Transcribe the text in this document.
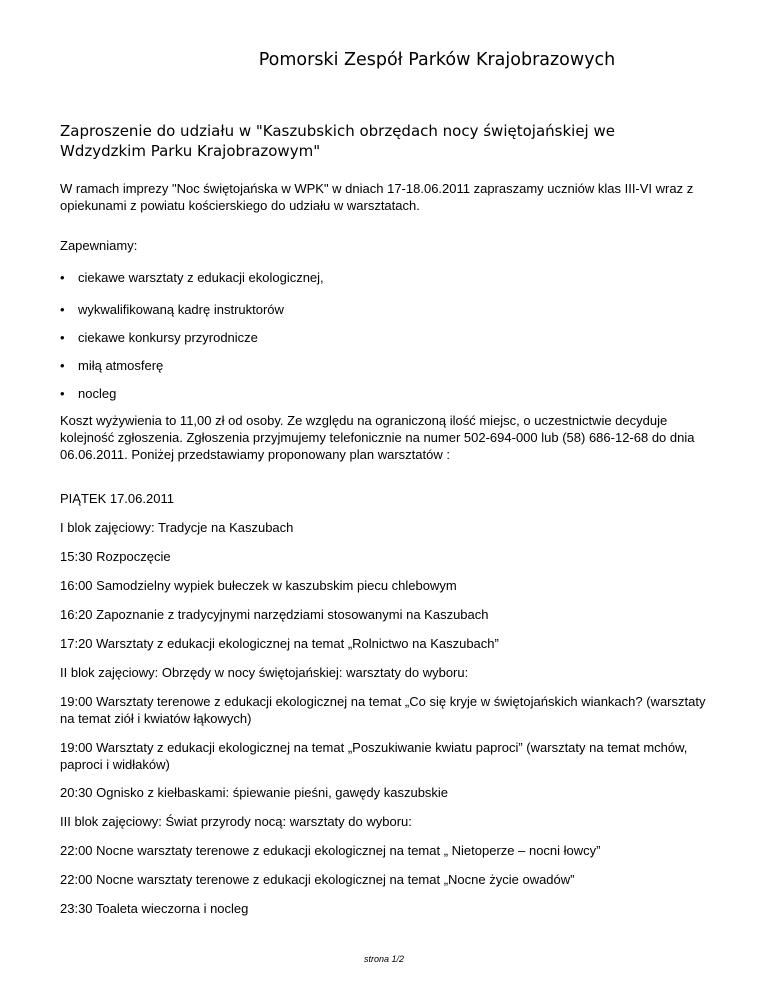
Pomorski Zespół Parków Krajobrazowych
Zaproszenie do udziału w "Kaszubskich obrzędach nocy świętojańskiej we Wdzydzkim Parku Krajobrazowym"

W ramach imprezy "Noc świętojańska w WPK" w dniach 17-18.06.2011 zapraszamy uczniów klas III-VI wraz z opiekunami z powiatu kościerskiego do udziału w warsztatach.

Zapewniamy:

• ciekawe warsztaty z edukacji ekologicznej,
• wykwalifikowaną kadrę instruktorów
• ciekawe konkursy przyrodnicze
• miłą atmosferę
• nocleg

Koszt wyżywienia to 11,00 zł od osoby. Ze względu na ograniczoną ilość miejsc, o uczestnictwie decyduje kolejność zgłoszenia. Zgłoszenia przyjmujemy telefonicznie na numer 502-694-000 lub (58) 686-12-68 do dnia 06.06.2011. Poniżej przedstawiamy proponowany plan warsztatów :

PIĄTEK 17.06.2011

I blok zajęciowy: Tradycje na Kaszubach

15:30 Rozpoczęcie

16:00 Samodzielny wypiek bułeczek w kaszubskim piecu chlebowym

16:20 Zapoznanie z tradycyjnymi narzędziami stosowanymi na Kaszubach

17:20 Warsztaty z edukacji ekologicznej na temat „Rolnictwo na Kaszubach”

II blok zajęciowy: Obrzędy w nocy świętojańskiej: warsztaty do wyboru:

19:00 Warsztaty terenowe z edukacji ekologicznej na temat „Co się kryje w świętojańskich wiankach? (warsztaty na temat ziół i kwiatów łąkowych)

19:00 Warsztaty z edukacji ekologicznej na temat „Poszukiwanie kwiatu paproci” (warsztaty na temat mchów, paproci i widłaków)

20:30 Ognisko z kiełbaskami: śpiewanie pieśni, gawędy kaszubskie

III blok zajęciowy: Świat przyrody nocą: warsztaty do wyboru:

22:00 Nocne warsztaty terenowe z edukacji ekologicznej na temat „ Nietoperze – nocni łowcy”

22:00 Nocne warsztaty terenowe z edukacji ekologicznej na temat „Nocne życie owadów”

23:30 Toaleta wieczorna i nocleg

strona 1/2
